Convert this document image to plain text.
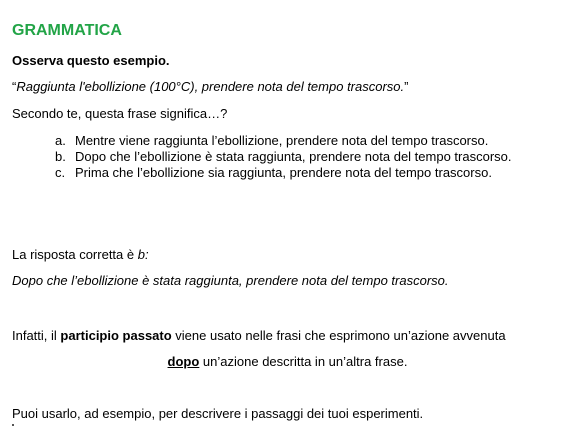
GRAMMATICA
Osserva questo esempio.
“Raggiunta l'ebollizione (100°C), prendere nota del tempo trascorso.”
Secondo te, questa frase significa…?
a. Mentre viene raggiunta l’ebollizione, prendere nota del tempo trascorso.
b. Dopo che l’ebollizione è stata raggiunta, prendere nota del tempo trascorso.
c. Prima che l’ebollizione sia raggiunta, prendere nota del tempo trascorso.
La risposta corretta è b:
Dopo che l’ebollizione è stata raggiunta, prendere nota del tempo trascorso.
Infatti, il participio passato viene usato nelle frasi che esprimono un’azione avvenuta
dopo un’azione descritta in un’altra frase.
Puoi usarlo, ad esempio, per descrivere i passaggi dei tuoi esperimenti.
